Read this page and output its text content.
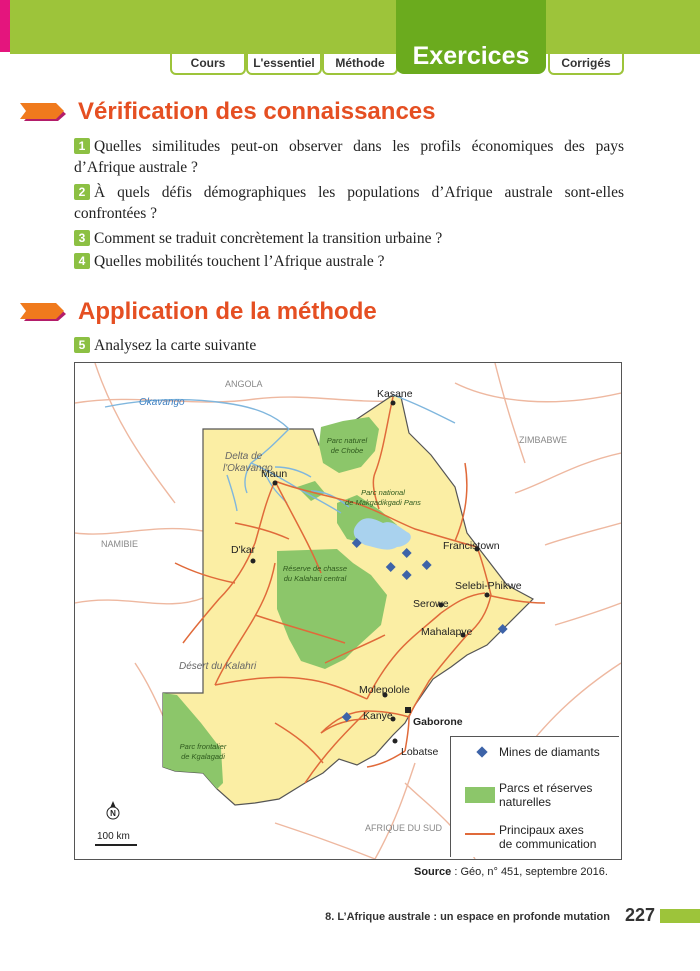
Cours	L'essentiel	Méthode	Corrigés
Exercices
Vérification des connaissances
1 Quelles similitudes peut-on observer dans les profils économiques des pays d’Afrique australe ?
2 À quels défis démographiques les populations d’Afrique australe sont-elles confrontées ?
3 Comment se traduit concrètement la transition urbaine ?
4 Quelles mobilités touchent l’Afrique australe ?
Application de la méthode
5 Analysez la carte suivante
ANGOLA
ZIMBABWE
NAMIBIE
AFRIQUE DU SUD
Okavango
Delta de
l'Okavango
Désert du Kalahri
Parc naturel
de Chobe
Parc national
de Makgadikgadi Pans
Réserve de chasse
du Kalahari central
Parc frontalier
de Kgalagadi
Kasane
Maun
D'kar	Francistown
Selebi-Phikwe
Serowe
Mahalapye
Molepolole
Kanye Gaborone
Lobatse
N
100 km
Mines de diamants
Parcs et réserves
naturelles
Principaux axes
de communication
Source : Géo, n° 451, septembre 2016.
8. L’Afrique australe : un espace en profonde mutation 227
